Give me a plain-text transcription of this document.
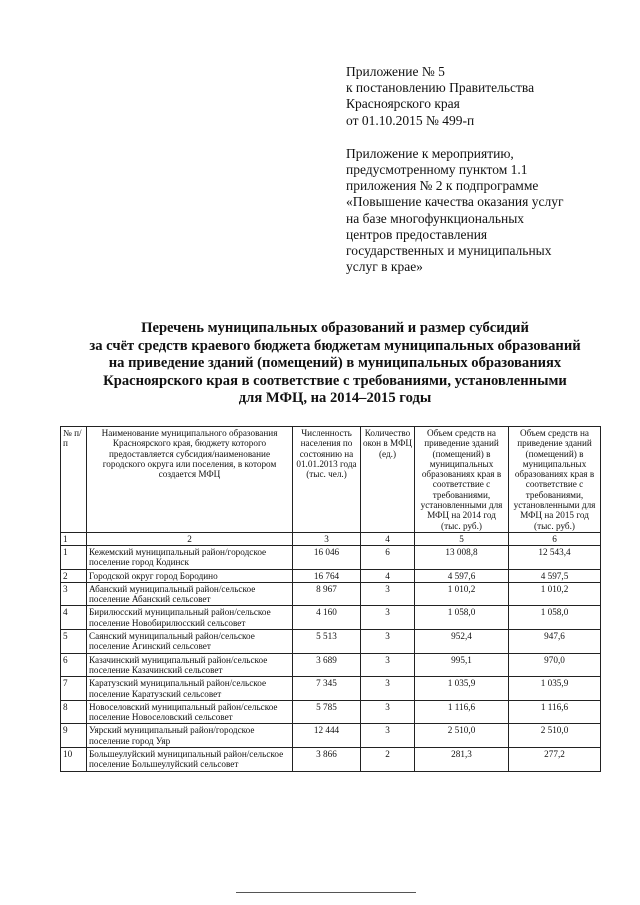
Приложение № 5
к постановлению Правительства
Красноярского края
от 01.10.2015 № 499-п
Приложение к мероприятию,
предусмотренному пунктом 1.1
приложения № 2 к подпрограмме
«Повышение качества оказания услуг
на базе многофункциональных
центров предоставления
государственных и муниципальных
услуг в крае»
Перечень муниципальных образований и размер субсидий
за счёт средств краевого бюджета бюджетам муниципальных образований
на приведение зданий (помещений) в муниципальных образованиях
Красноярского края в соответствие с требованиями, установленными
для МФЦ, на 2014–2015 годы
№ п/п	Наименование муниципального образования Красноярского края, бюджету которого предоставляется субсидия/наименование городского округа или поселения, в котором создается МФЦ	Численность населения по состоянию на 01.01.2013 года (тыс. чел.)	Количество окон в МФЦ (ед.)	Объем средств на приведение зданий (помещений) в муниципальных образованиях края в соответствие с требованиями, установленными для МФЦ на 2014 год (тыс. руб.)	Объем средств на приведение зданий (помещений) в муниципальных образованиях края в соответствие с требованиями, установленными для МФЦ на 2015 год (тыс. руб.)
1	2	3	4	5	6
1	Кежемский муниципальный район/городское поселение город Кодинск	16 046	6	13 008,8	12 543,4
2	Городской округ город Бородино	16 764	4	4 597,6	4 597,5
3	Абанский муниципальный район/сельское поселение Абанский сельсовет	8 967	3	1 010,2	1 010,2
4	Бирилюсский муниципальный район/сельское поселение Новобирилюсский сельсовет	4 160	3	1 058,0	1 058,0
5	Саянский муниципальный район/сельское поселение Агинский сельсовет	5 513	3	952,4	947,6
6	Казачинский муниципальный район/сельское поселение Казачинский сельсовет	3 689	3	995,1	970,0
7	Каратузский муниципальный район/сельское поселение Каратузский сельсовет	7 345	3	1 035,9	1 035,9
8	Новоселовский муниципальный район/сельское поселение Новоселовский сельсовет	5 785	3	1 116,6	1 116,6
9	Уярский муниципальный район/городское поселение город Уяр	12 444	3	2 510,0	2 510,0
10	Большеулуйский муниципальный район/сельское поселение Большеулуйский сельсовет	3 866	2	281,3	277,2
